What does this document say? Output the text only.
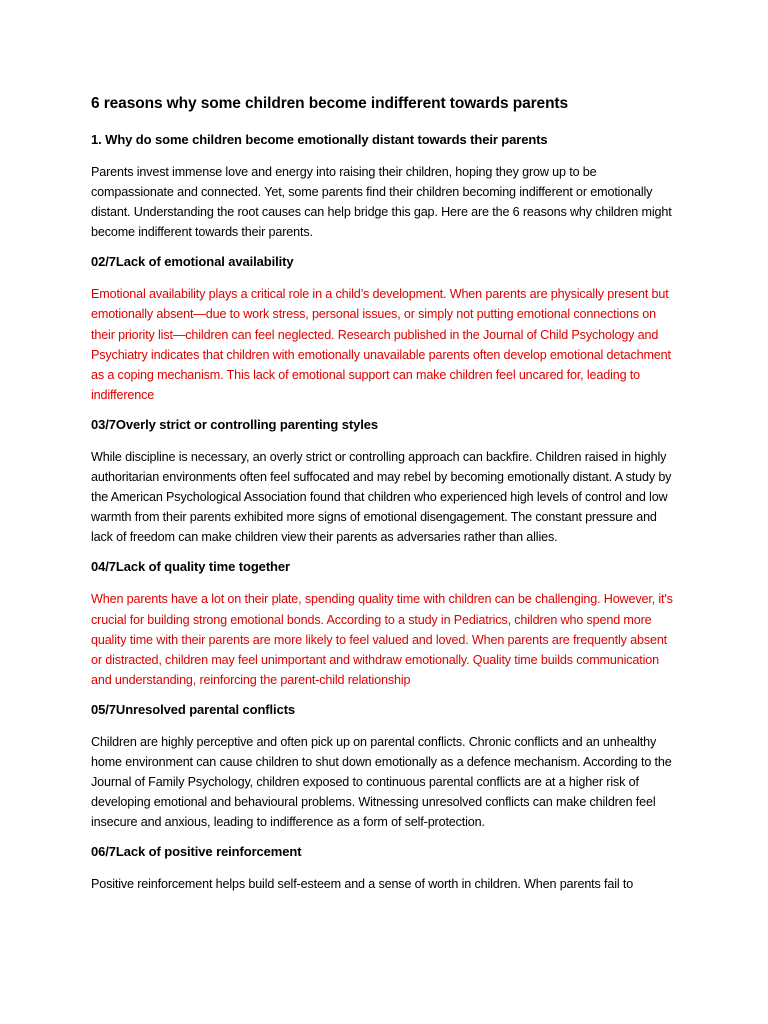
6 reasons why some children become indifferent towards parents
1. Why do some children become emotionally distant towards their parents
Parents invest immense love and energy into raising their children, hoping they grow up to be compassionate and connected. Yet, some parents find their children becoming indifferent or emotionally distant. Understanding the root causes can help bridge this gap. Here are the 6 reasons why children might become indifferent towards their parents.
02/7Lack of emotional availability
Emotional availability plays a critical role in a child’s development. When parents are physically present but emotionally absent—due to work stress, personal issues, or simply not putting emotional connections on their priority list—children can feel neglected. Research published in the Journal of Child Psychology and Psychiatry indicates that children with emotionally unavailable parents often develop emotional detachment as a coping mechanism. This lack of emotional support can make children feel uncared for, leading to indifference
03/7Overly strict or controlling parenting styles
While discipline is necessary, an overly strict or controlling approach can backfire. Children raised in highly authoritarian environments often feel suffocated and may rebel by becoming emotionally distant. A study by the American Psychological Association found that children who experienced high levels of control and low warmth from their parents exhibited more signs of emotional disengagement. The constant pressure and lack of freedom can make children view their parents as adversaries rather than allies.
04/7Lack of quality time together
When parents have a lot on their plate, spending quality time with children can be challenging. However, it's crucial for building strong emotional bonds. According to a study in Pediatrics, children who spend more quality time with their parents are more likely to feel valued and loved. When parents are frequently absent or distracted, children may feel unimportant and withdraw emotionally. Quality time builds communication and understanding, reinforcing the parent-child relationship
05/7Unresolved parental conflicts
Children are highly perceptive and often pick up on parental conflicts. Chronic conflicts and an unhealthy home environment can cause children to shut down emotionally as a defence mechanism. According to the Journal of Family Psychology, children exposed to continuous parental conflicts are at a higher risk of developing emotional and behavioural problems. Witnessing unresolved conflicts can make children feel insecure and anxious, leading to indifference as a form of self-protection.
06/7Lack of positive reinforcement
Positive reinforcement helps build self-esteem and a sense of worth in children. When parents fail to
